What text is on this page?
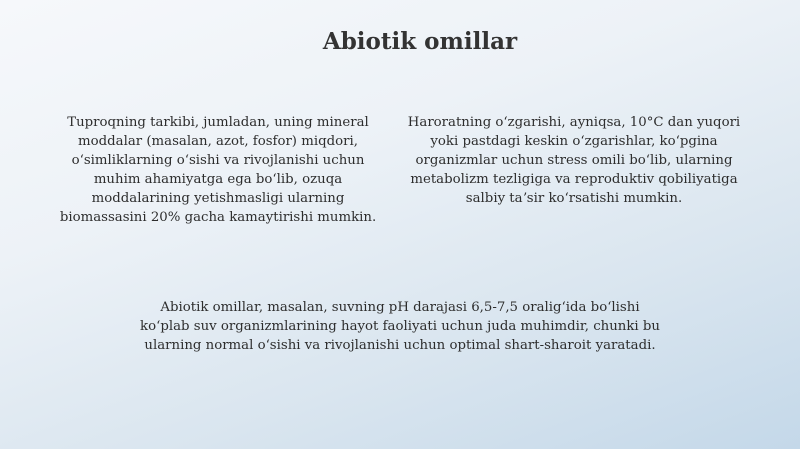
Abiotik omillar

Tuproqning tarkibi, jumladan, uning mineral moddalar (masalan, azot, fosfor) miqdori, oʻsimliklarning oʻsishi va rivojlanishi uchun muhim ahamiyatga ega boʻlib, ozuqa moddalarining yetishmasligi ularning biomassasini 20% gacha kamaytirishi mumkin.

Haroratning oʻzgarishi, ayniqsa, 10°C dan yuqori yoki pastdagi keskin oʻzgarishlar, koʻpgina organizmlar uchun stress omili boʻlib, ularning metabolizm tezligiga va reproduktiv qobiliyatiga salbiy taʼsir koʻrsatishi mumkin.

Abiotik omillar, masalan, suvning pH darajasi 6,5-7,5 oraligʻida boʻlishi koʻplab suv organizmlarining hayot faoliyati uchun juda muhimdir, chunki bu ularning normal oʻsishi va rivojlanishi uchun optimal shart-sharoit yaratadi.
